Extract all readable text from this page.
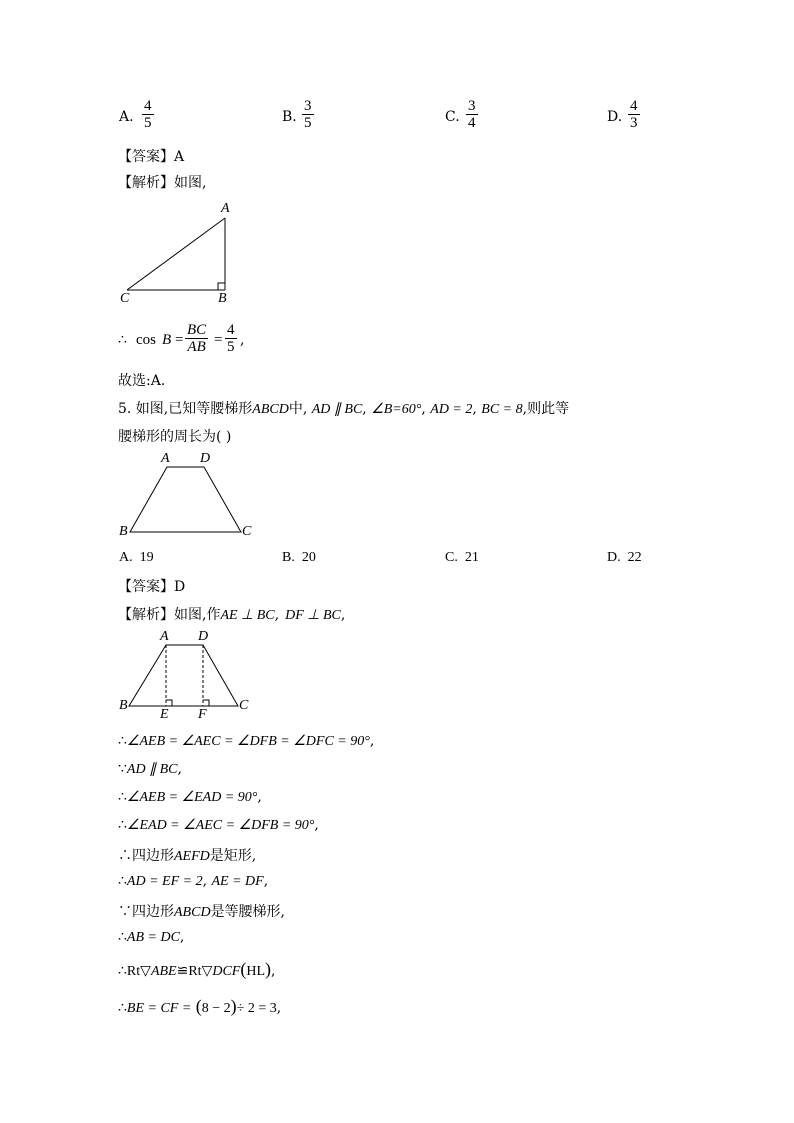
A. $\frac{4}{5}$	B. $\frac{3}{5}$	C. $\frac{3}{4}$	D. $\frac{4}{3}$
【答案】A
【解析】如图,
A
B
C
∴ $\cos B = \frac{BC}{AB} = \frac{4}{5}$ ,
故选:A.
5. 如图,已知等腰梯形ABCD中, AD ∥ BC, ∠B=60°, AD = 2, BC = 8,则此等
腰梯形的周长为( )
A D
B	C
A. 19	B. 20	C. 21	D. 22
【答案】D
【解析】如图,作AE ⊥ BC, DF ⊥ BC,
A D
B	C
E F
∴∠AEB = ∠AEC = ∠DFB = ∠DFC = 90°,
∵AD ∥ BC,
∴∠AEB = ∠EAD = 90°,
∴∠EAD = ∠AEC = ∠DFB = 90°,
∴四边形AEFD是矩形,
∴AD = EF = 2, AE = DF,
∵四边形ABCD是等腰梯形,
∴AB = DC,
∴Rt▽ABE≌Rt▽DCF(HL),
∴BE = CF = (8 − 2)÷ 2 = 3,
